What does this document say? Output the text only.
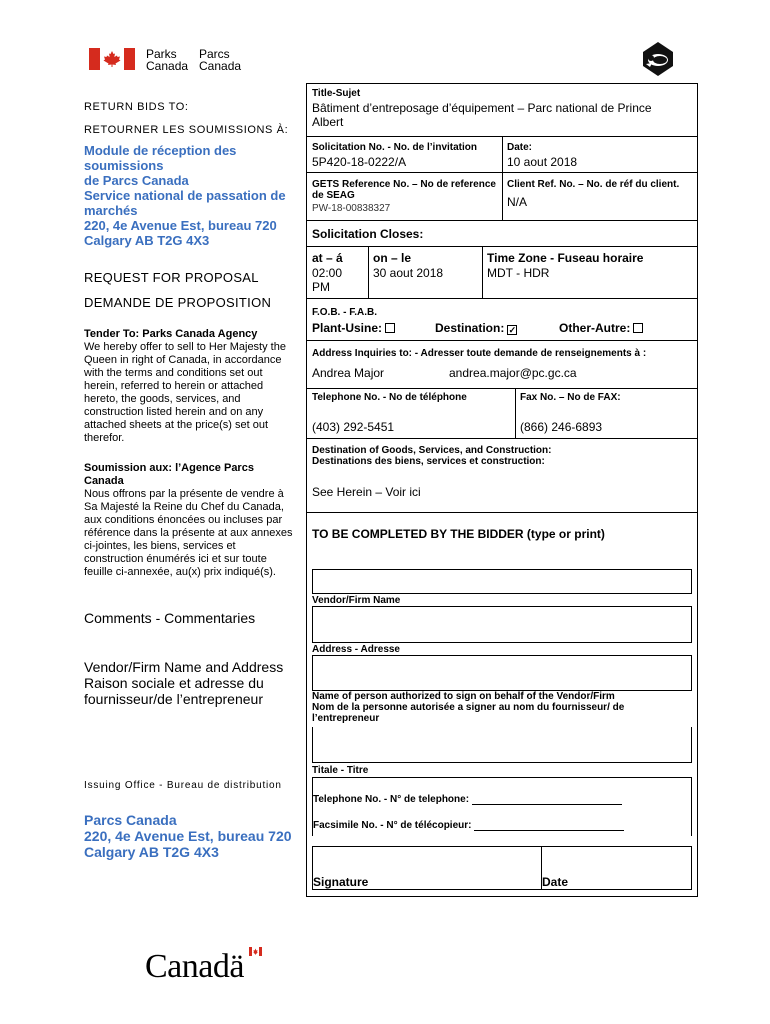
Parks
Canada
Parcs
Canada
RETURN BIDS TO:
RETOURNER LES SOUMISSIONS À:
Module de réception des
soumissions
de Parcs Canada
Service national de passation de
marchés
220, 4e Avenue Est, bureau 720
Calgary AB T2G 4X3
REQUEST FOR PROPOSAL
DEMANDE DE PROPOSITION
Tender To: Parks Canada Agency
We hereby offer to sell to Her Majesty the Queen in right of Canada, in accordance with the terms and conditions set out herein, referred to herein or attached hereto, the goods, services, and construction listed herein and on any attached sheets at the price(s) set out therefor.
Soumission aux: l’Agence Parcs Canada
Nous offrons par la présente de vendre à Sa Majesté la Reine du Chef du Canada, aux conditions énoncées ou incluses par référence dans la présente at aux annexes ci-jointes, les biens, services et construction énumérés ici et sur toute feuille ci-annexée, au(x) prix indiqué(s).
Comments - Commentaries
Vendor/Firm Name and Address
Raison sociale et adresse du
fournisseur/de l’entrepreneur
Issuing Office - Bureau de distribution
Parcs Canada
220, 4e Avenue Est, bureau 720
Calgary AB T2G 4X3
Title-Sujet
Bâtiment d’entreposage d’équipement – Parc national de Prince Albert
Solicitation No. - No. de l’invitation
5P420-18-0222/A
Date:
10 aout 2018
GETS Reference No. – No de reference de SEAG
PW-18-00838327
Client Ref. No. – No. de réf du client.
N/A
Solicitation Closes:
at – á
02:00 PM
on – le
30 aout 2018
Time Zone - Fuseau horaire
MDT - HDR
F.O.B. - F.A.B.
Plant-Usine:	Destination: ✓	Other-Autre:
Address Inquiries to: - Adresser toute demande de renseignements à :
Andrea Major	andrea.major@pc.gc.ca
Telephone No. - No de téléphone
(403) 292-5451
Fax No. – No de FAX:
(866) 246-6893
Destination of Goods, Services, and Construction:
Destinations des biens, services et construction:
See Herein – Voir ici
TO BE COMPLETED BY THE BIDDER (type or print)
Vendor/Firm Name
Address - Adresse
Name of person authorized to sign on behalf of the Vendor/Firm
Nom de la personne autorisée a signer au nom du fournisseur/ de
l’entrepreneur
Titale - Titre
Telephone No. - N° de telephone:
Facsimile No. - N° de télécopieur:
Signature	Date
Canadä
